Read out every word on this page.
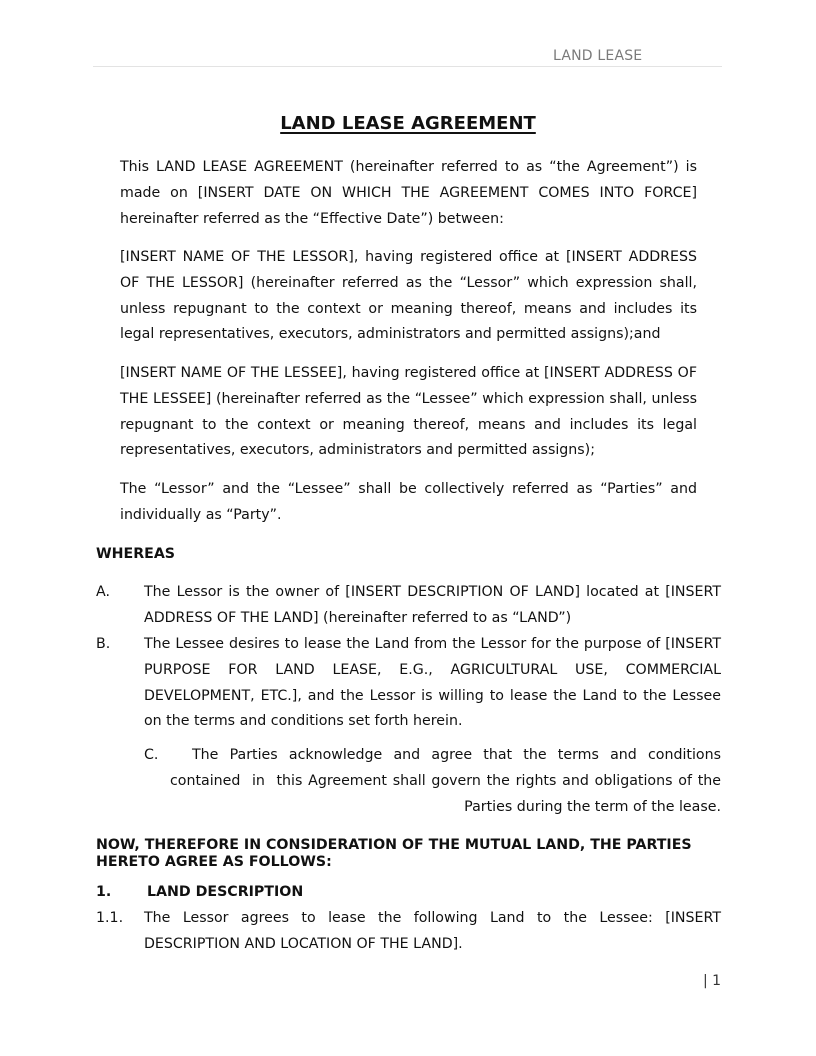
LAND LEASE
LAND LEASE AGREEMENT
This LAND LEASE AGREEMENT (hereinafter referred to as “the Agreement”) is made on [INSERT DATE ON WHICH THE AGREEMENT COMES INTO FORCE] hereinafter referred as the “Effective Date”) between:
[INSERT NAME OF THE LESSOR], having registered office at [INSERT ADDRESS OF THE LESSOR] (hereinafter referred as the “Lessor” which expression shall, unless repugnant to the context or meaning thereof, means and includes its legal representatives, executors, administrators and permitted assigns);and
[INSERT NAME OF THE LESSEE], having registered office at [INSERT ADDRESS OF THE LESSEE] (hereinafter referred as the “Lessee” which expression shall, unless repugnant to the context or meaning thereof, means and includes its legal representatives, executors, administrators and permitted assigns);
The “Lessor” and the “Lessee” shall be collectively referred as “Parties” and individually as “Party”.
WHEREAS
A. The Lessor is the owner of [INSERT DESCRIPTION OF LAND] located at [INSERT ADDRESS OF THE LAND] (hereinafter referred to as “LAND”)
B. The Lessee desires to lease the Land from the Lessor for the purpose of [INSERT PURPOSE FOR LAND LEASE, E.G., AGRICULTURAL USE, COMMERCIAL DEVELOPMENT, ETC.], and the Lessor is willing to lease the Land to the Lessee on the terms and conditions set forth herein.
C.	The Parties acknowledge and agree that the terms and conditions
contained  in  this Agreement shall govern the rights and obligations of the
Parties during the term of the lease.
NOW, THEREFORE IN CONSIDERATION OF THE MUTUAL LAND, THE PARTIES HERETO AGREE AS FOLLOWS:
1.	LAND DESCRIPTION
1.1. The Lessor agrees to lease the following Land to the Lessee: [INSERT DESCRIPTION AND LOCATION OF THE LAND].
| 1
